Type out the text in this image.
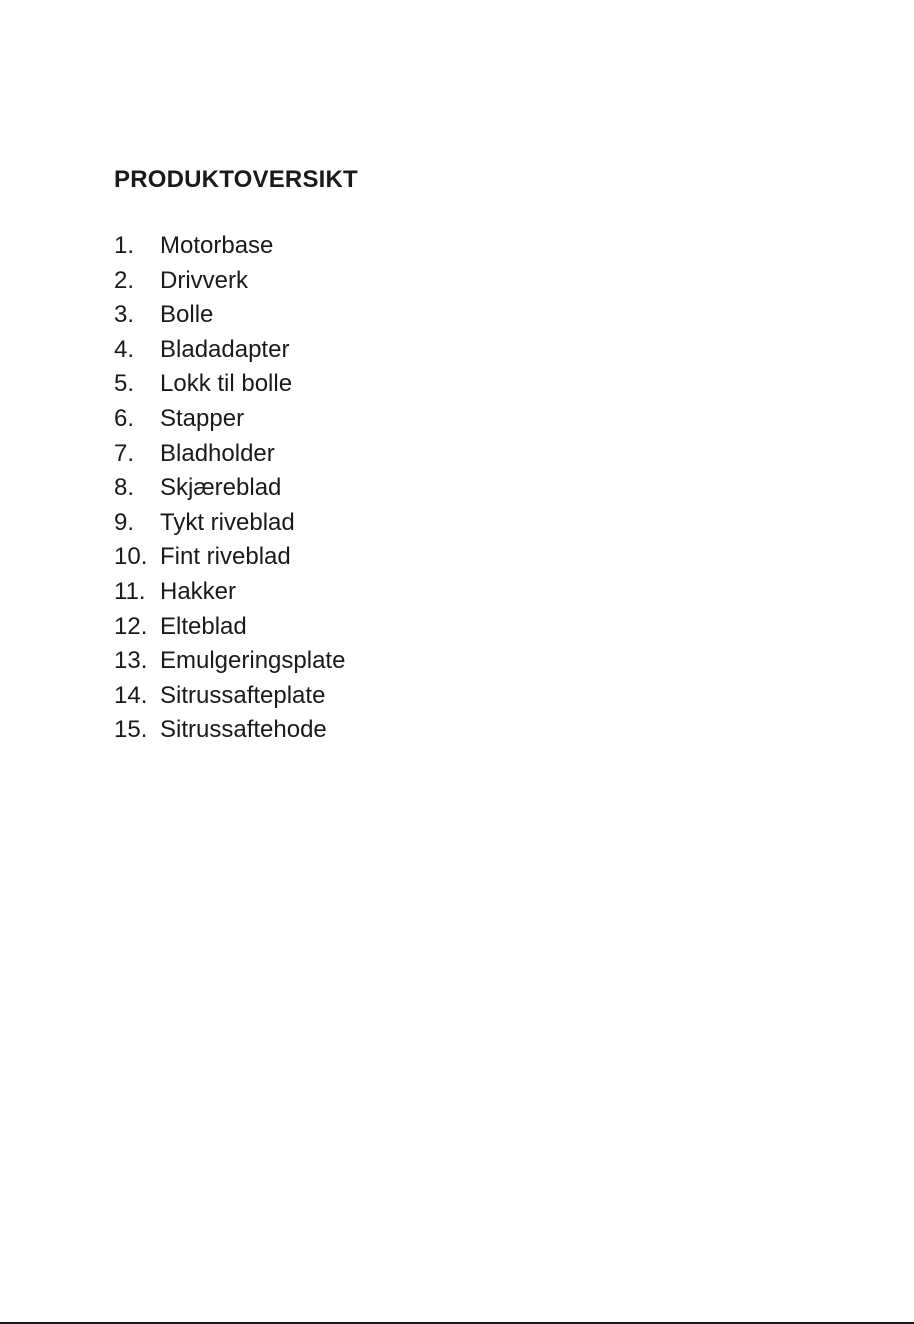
PRODUKTOVERSIKT
1.	Motorbase
2.	Drivverk
3.	Bolle
4.	Bladadapter
5.	Lokk til bolle
6.	Stapper
7.	Bladholder
8.	Skjæreblad
9.	Tykt riveblad
10. Fint riveblad
11. Hakker
12. Elteblad
13. Emulgeringsplate
14. Sitrussafteplate
15. Sitrussaftehode
